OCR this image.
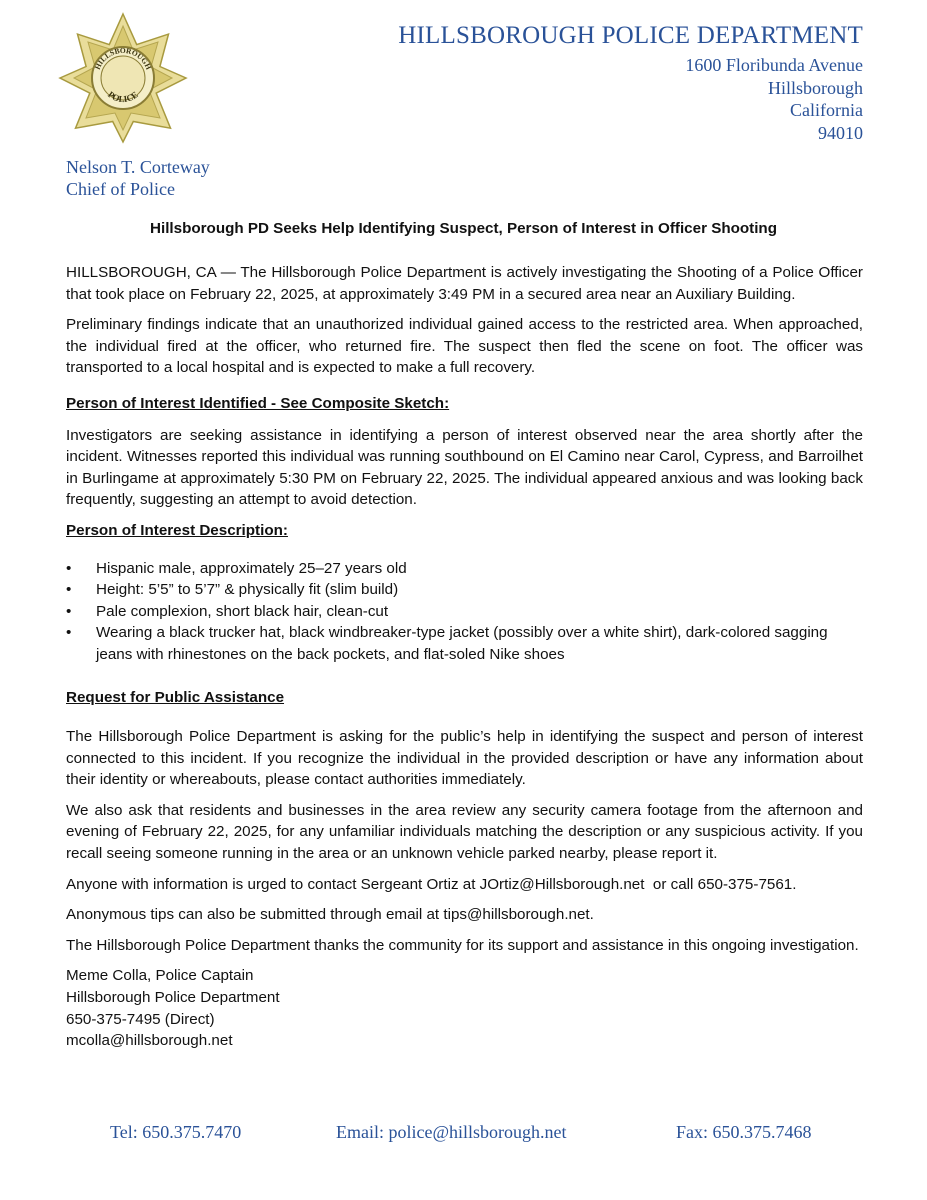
HILLSBOROUGH
POLICE
Nelson T. Corteway
Chief of Police
HILLSBOROUGH POLICE DEPARTMENT
1600 Floribunda Avenue
Hillsborough
California
94010
Hillsborough PD Seeks Help Identifying Suspect, Person of Interest in Officer Shooting

HILLSBOROUGH, CA — The Hillsborough Police Department is actively investigating the Shooting of a Police Officer that took place on February 22, 2025, at approximately 3:49 PM in a secured area near an Auxiliary Building.

Preliminary findings indicate that an unauthorized individual gained access to the restricted area. When approached, the individual fired at the officer, who returned fire. The suspect then fled the scene on foot. The officer was transported to a local hospital and is expected to make a full recovery.

Person of Interest Identified - See Composite Sketch:

Investigators are seeking assistance in identifying a person of interest observed near the area shortly after the incident. Witnesses reported this individual was running southbound on El Camino near Carol, Cypress, and Barroilhet in Burlingame at approximately 5:30 PM on February 22, 2025. The individual appeared anxious and was looking back frequently, suggesting an attempt to avoid detection.

Person of Interest Description:

•	Hispanic male, approximately 25–27 years old
•	Height: 5’5” to 5’7” & physically fit (slim build)
•	Pale complexion, short black hair, clean-cut
•	Wearing a black trucker hat, black windbreaker-type jacket (possibly over a white shirt), dark-colored sagging jeans with rhinestones on the back pockets, and flat-soled Nike shoes

Request for Public Assistance

The Hillsborough Police Department is asking for the public’s help in identifying the suspect and person of interest connected to this incident. If you recognize the individual in the provided description or have any information about their identity or whereabouts, please contact authorities immediately.

We also ask that residents and businesses in the area review any security camera footage from the afternoon and evening of February 22, 2025, for any unfamiliar individuals matching the description or any suspicious activity. If you recall seeing someone running in the area or an unknown vehicle parked nearby, please report it.

Anyone with information is urged to contact Sergeant Ortiz at JOrtiz@Hillsborough.net  or call 650-375-7561.

Anonymous tips can also be submitted through email at tips@hillsborough.net.

The Hillsborough Police Department thanks the community for its support and assistance in this ongoing investigation.

Meme Colla, Police Captain
Hillsborough Police Department
650-375-7495 (Direct)
mcolla@hillsborough.net
Tel: 650.375.7470	Email: police@hillsborough.net	Fax: 650.375.7468
